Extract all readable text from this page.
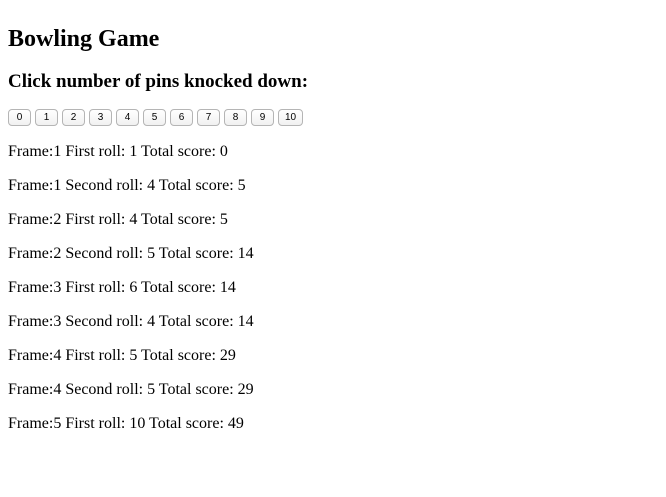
Bowling Game
Click number of pins knocked down:
0	1	2	3	4	5	6	7	8	9	10

Frame:1 First roll: 1 Total score: 0

Frame:1 Second roll: 4 Total score: 5

Frame:2 First roll: 4 Total score: 5

Frame:2 Second roll: 5 Total score: 14

Frame:3 First roll: 6 Total score: 14

Frame:3 Second roll: 4 Total score: 14

Frame:4 First roll: 5 Total score: 29

Frame:4 Second roll: 5 Total score: 29

Frame:5 First roll: 10 Total score: 49
